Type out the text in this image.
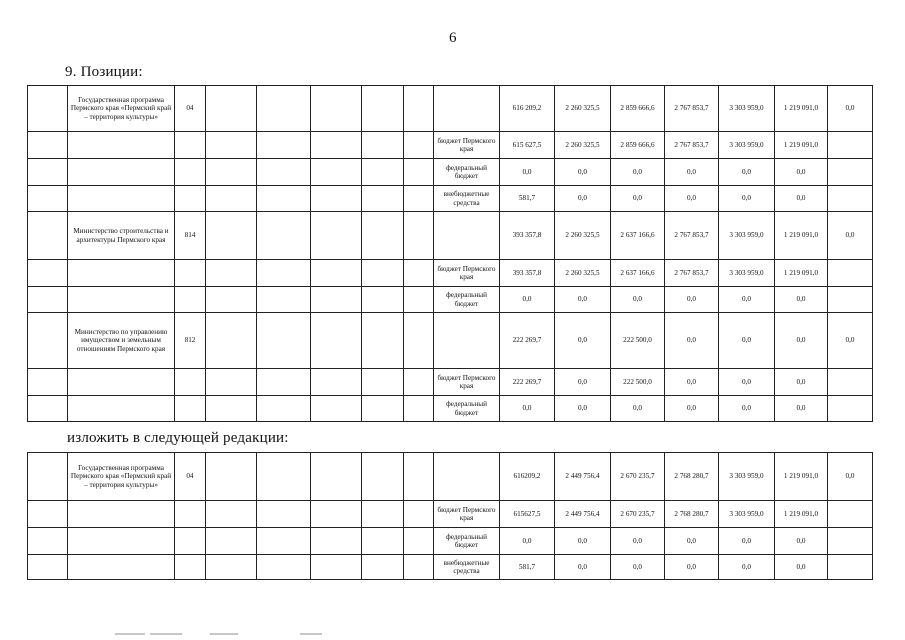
6
9. Позиции:
	Государственная программа Пермского края «Пермский край – территория культуры»	04							616 209,2	2 260 325,5	2 859 666,6	2 767 853,7	3 303 959,0	1 219 091,0	0,0
								бюджет Пермского края	615 627,5	2 260 325,5	2 859 666,6	2 767 853,7	3 303 959,0	1 219 091,0	
								федеральный бюджет	0,0	0,0	0,0	0,0	0,0	0,0	
								внебюджетные средства	581,7	0,0	0,0	0,0	0,0	0,0	
	Министерство строительства и архитектуры Пермского края	814							393 357,8	2 260 325,5	2 637 166,6	2 767 853,7	3 303 959,0	1 219 091,0	0,0
								бюджет Пермского края	393 357,8	2 260 325,5	2 637 166,6	2 767 853,7	3 303 959,0	1 219 091,0	
								федеральный бюджет	0,0	0,0	0,0	0,0	0,0	0,0	
	Министерство по управлению имуществом и земельным отношениям Пермского края	812							222 269,7	0,0	222 500,0	0,0	0,0	0,0	0,0
								бюджет Пермского края	222 269,7	0,0	222 500,0	0,0	0,0	0,0	
								федеральный бюджет	0,0	0,0	0,0	0,0	0,0	0,0	
изложить в следующей редакции:
	Государственная программа Пермского края «Пермский край – территория культуры»	04							616209,2	2 449 756,4	2 670 235,7	2 768 280,7	3 303 959,0	1 219 091,0	0,0
								бюджет Пермского края	615627,5	2 449 756,4	2 670 235,7	2 768 280,7	3 303 959,0	1 219 091,0	
								федеральный бюджет	0,0	0,0	0,0	0,0	0,0	0,0	
								внебюджетные средства	581,7	0,0	0,0	0,0	0,0	0,0	
